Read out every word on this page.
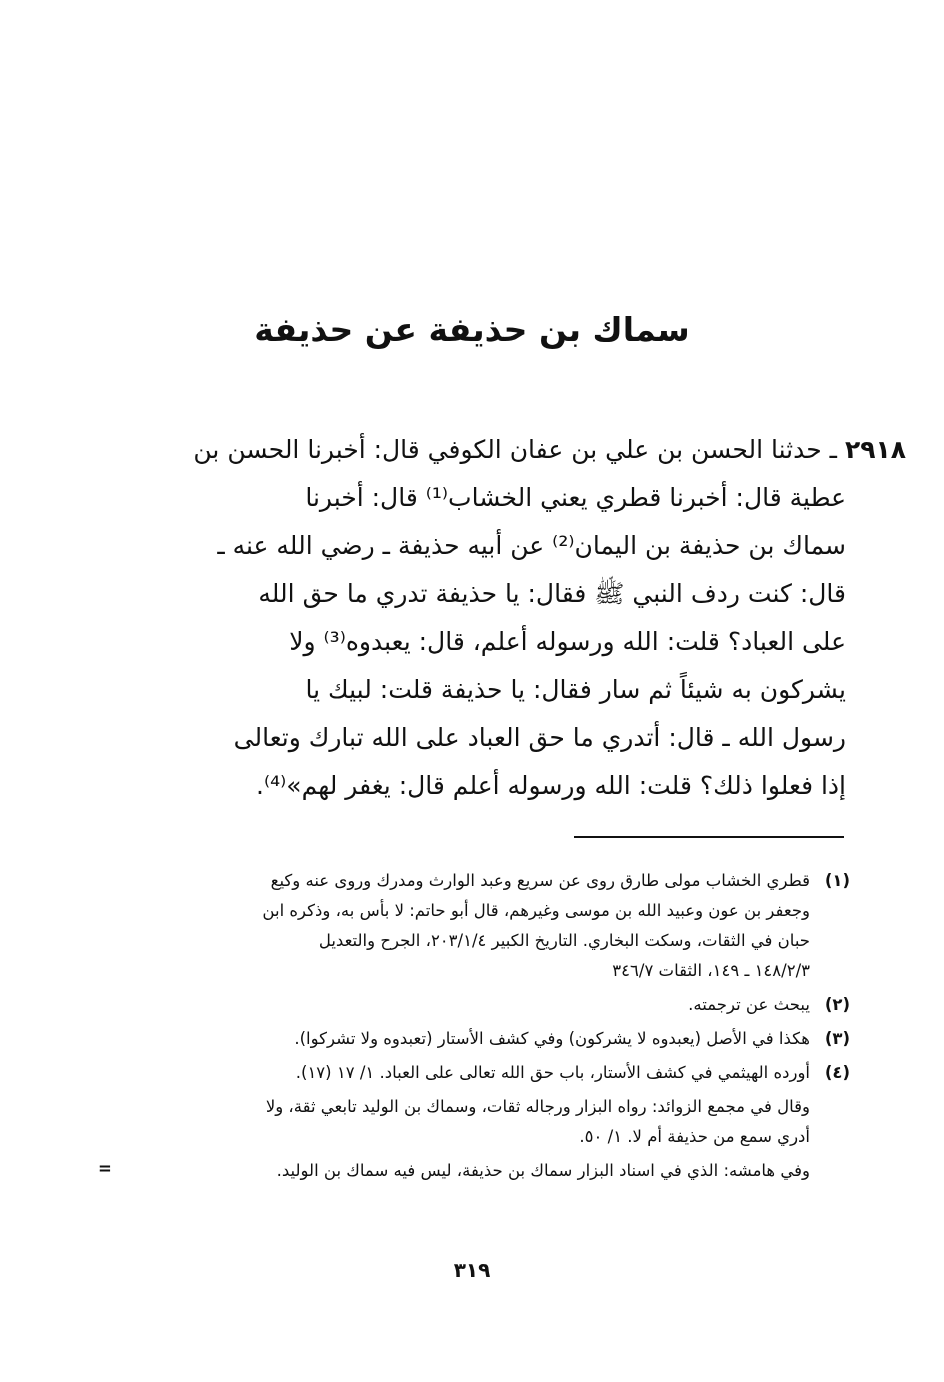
سماك بن حذيفة عن حذيفة
٢٩١٨ ـ حدثنا الحسن بن علي بن عفان الكوفي قال: أخبرنا الحسن بن
عطية قال: أخبرنا قطري يعني الخشاب⁽¹⁾ قال: أخبرنا
سماك بن حذيفة بن اليمان⁽²⁾ عن أبيه حذيفة ـ رضي الله عنه ـ
قال: كنت ردف النبي ﷺ فقال: يا حذيفة تدري ما حق الله
على العباد؟ قلت: الله ورسوله أعلم، قال: يعبدوه⁽³⁾ ولا
يشركون به شيئاً ثم سار فقال: يا حذيفة قلت: لبيك يا
رسول الله ـ قال: أتدري ما حق العباد على الله تبارك وتعالى
إذا فعلوا ذلك؟ قلت: الله ورسوله أعلم قال: يغفر لهم»⁽⁴⁾.
(١)
قطري الخشاب مولى طارق روى عن سريع وعبد الوارث ومدرك وروى عنه وكيع
وجعفر بن عون وعبيد الله بن موسى وغيرهم، قال أبو حاتم: لا بأس به، وذكره ابن
حبان في الثقات، وسكت البخاري. التاريخ الكبير ٢٠٣/١/٤، الجرح والتعديل
١٤٨/٢/٣ ـ ١٤٩، الثقات ٣٤٦/٧
(٢)
يبحث عن ترجمته.
(٣)
هكذا في الأصل (يعبدوه لا يشركون) وفي كشف الأستار (تعبدوه ولا تشركوا).
(٤)
أورده الهيثمي في كشف الأستار، باب حق الله تعالى على العباد. ١/ ١٧ (١٧).
وقال في مجمع الزوائد: رواه البزار ورجاله ثقات، وسماك بن الوليد تابعي ثقة، ولا
أدري سمع من حذيفة أم لا. ١/ ٥٠.
وفي هامشه: الذي في اسناد البزار سماك بن حذيفة، ليس فيه سماك بن الوليد.
=
٣١٩
